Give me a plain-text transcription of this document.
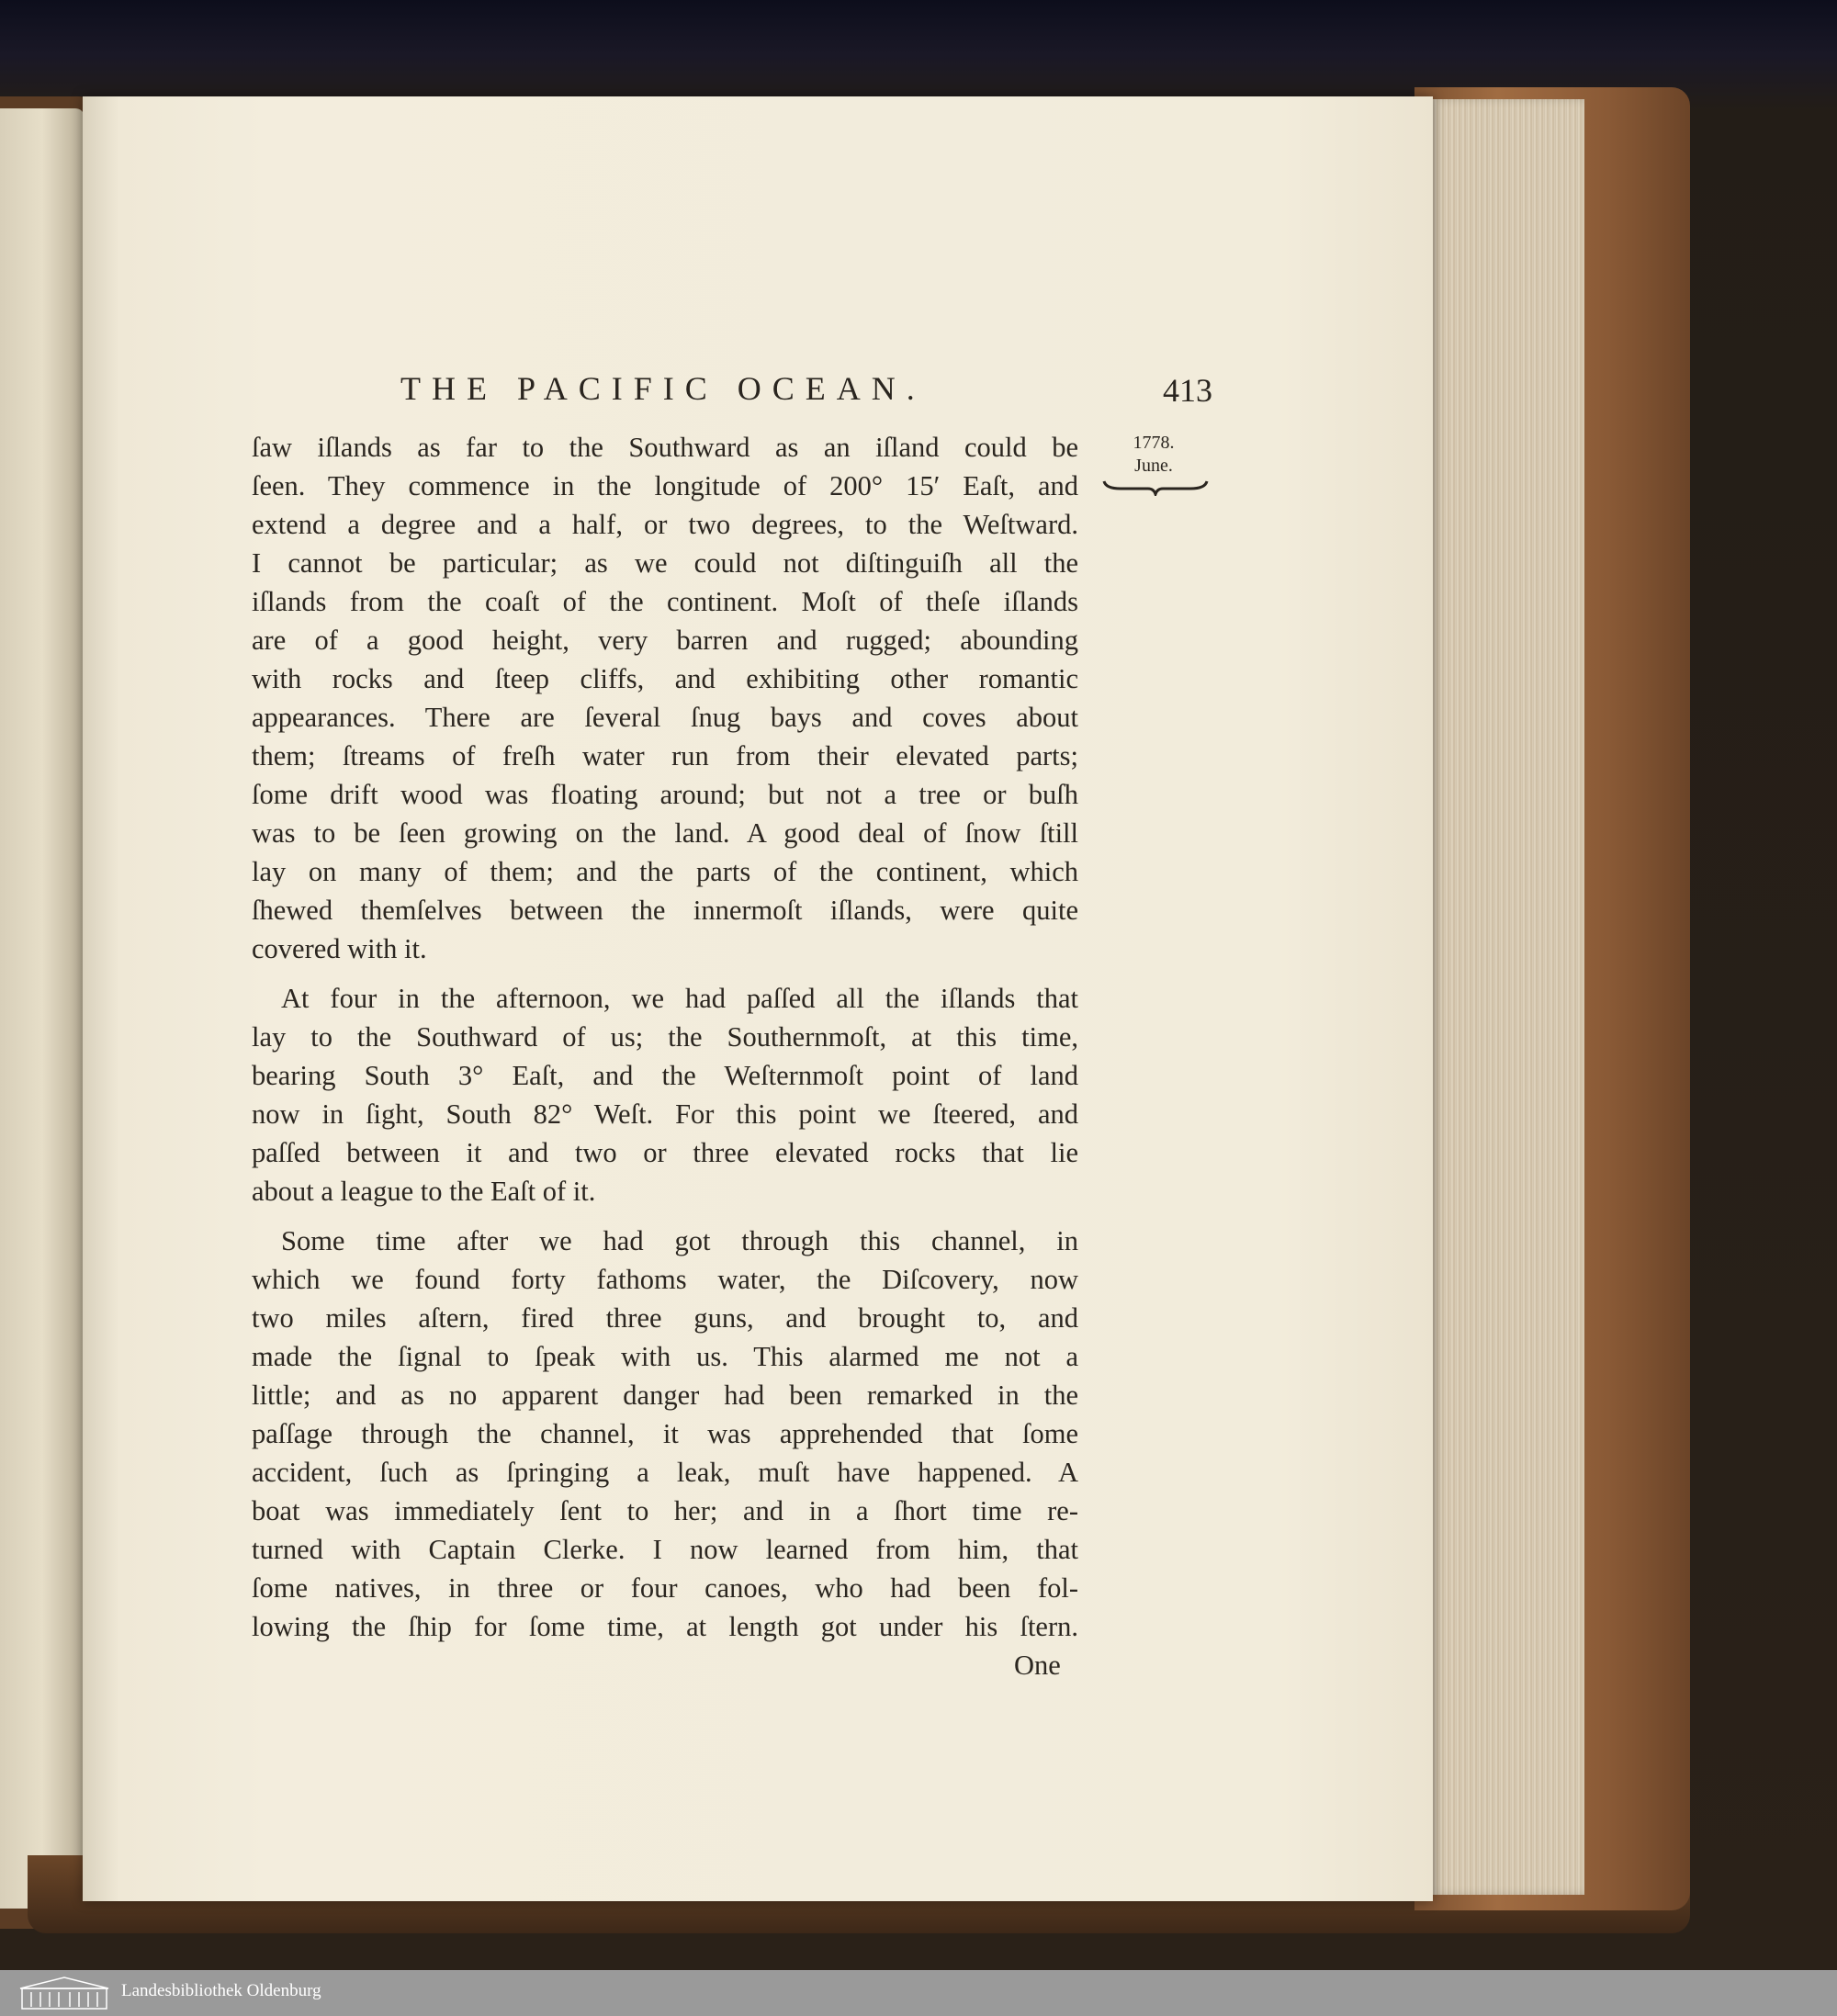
THE PACIFIC OCEAN.	413
1778.
June.
ſaw iſlands as far to the Southward as an iſland could be
ſeen. They commence in the longitude of 200° 15′ Eaſt, and
extend a degree and a half, or two degrees, to the Weſtward.
I cannot be particular; as we could not diſtinguiſh all the
iſlands from the coaſt of the continent. Moſt of theſe iſlands
are of a good height, very barren and rugged; abounding
with rocks and ſteep cliffs, and exhibiting other romantic
appearances. There are ſeveral ſnug bays and coves about
them; ſtreams of freſh water run from their elevated parts;
ſome drift wood was floating around; but not a tree or buſh
was to be ſeen growing on the land. A good deal of ſnow ſtill
lay on many of them; and the parts of the continent, which
ſhewed themſelves between the innermoſt iſlands, were quite
covered with it.
At four in the afternoon, we had paſſed all the iſlands that
lay to the Southward of us; the Southernmoſt, at this time,
bearing South 3° Eaſt, and the Weſternmoſt point of land
now in ſight, South 82° Weſt. For this point we ſteered, and
paſſed between it and two or three elevated rocks that lie
about a league to the Eaſt of it.
Some time after we had got through this channel, in
which we found forty fathoms water, the Diſcovery, now
two miles aſtern, fired three guns, and brought to, and
made the ſignal to ſpeak with us. This alarmed me not a
little; and as no apparent danger had been remarked in the
paſſage through the channel, it was apprehended that ſome
accident, ſuch as ſpringing a leak, muſt have happened. A
boat was immediately ſent to her; and in a ſhort time re-
turned with Captain Clerke. I now learned from him, that
ſome natives, in three or four canoes, who had been fol-
lowing the ſhip for ſome time, at length got under his ſtern.
One
Landesbibliothek Oldenburg
